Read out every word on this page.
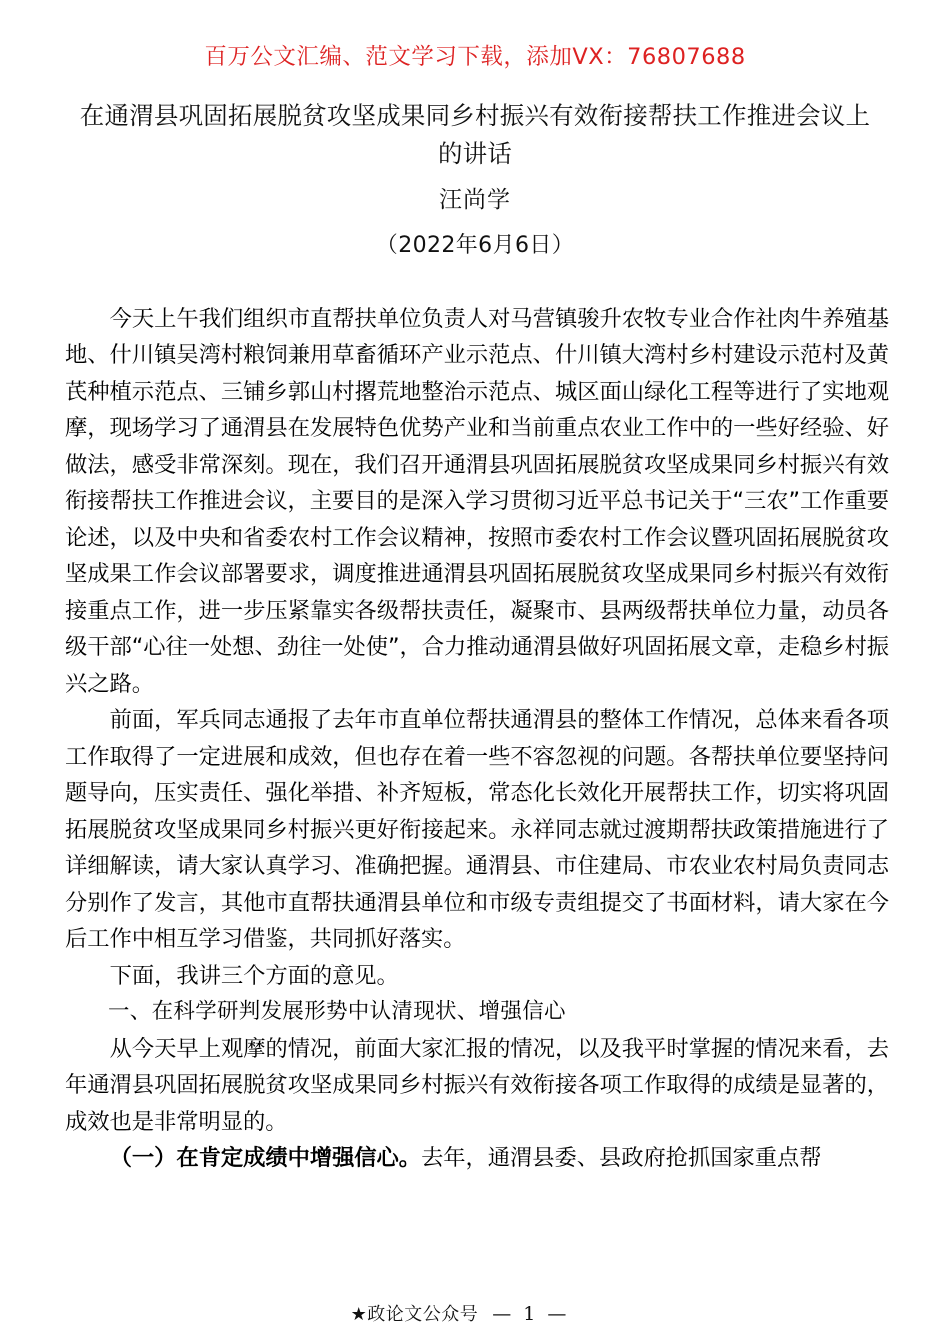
百万公文汇编、范文学习下载，添加VX：76807688
在通渭县巩固拓展脱贫攻坚成果同乡村振兴有效衔接帮扶工作推进会议上的讲话
汪尚学
（2022年6月6日）

今天上午我们组织市直帮扶单位负责人对马营镇骏升农牧专业合作社肉牛养殖基地、什川镇吴湾村粮饲兼用草畜循环产业示范点、什川镇大湾村乡村建设示范村及黄芪种植示范点、三铺乡郭山村撂荒地整治示范点、城区面山绿化工程等进行了实地观摩，现场学习了通渭县在发展特色优势产业和当前重点农业工作中的一些好经验、好做法，感受非常深刻。现在，我们召开通渭县巩固拓展脱贫攻坚成果同乡村振兴有效衔接帮扶工作推进会议，主要目的是深入学习贯彻习近平总书记关于“三农”工作重要论述，以及中央和省委农村工作会议精神，按照市委农村工作会议暨巩固拓展脱贫攻坚成果工作会议部署要求，调度推进通渭县巩固拓展脱贫攻坚成果同乡村振兴有效衔接重点工作，进一步压紧靠实各级帮扶责任，凝聚市、县两级帮扶单位力量，动员各级干部“心往一处想、劲往一处使”，合力推动通渭县做好巩固拓展文章，走稳乡村振兴之路。

前面，军兵同志通报了去年市直单位帮扶通渭县的整体工作情况，总体来看各项工作取得了一定进展和成效，但也存在着一些不容忽视的问题。各帮扶单位要坚持问题导向，压实责任、强化举措、补齐短板，常态化长效化开展帮扶工作，切实将巩固拓展脱贫攻坚成果同乡村振兴更好衔接起来。永祥同志就过渡期帮扶政策措施进行了详细解读，请大家认真学习、准确把握。通渭县、市住建局、市农业农村局负责同志分别作了发言，其他市直帮扶通渭县单位和市级专责组提交了书面材料，请大家在今后工作中相互学习借鉴，共同抓好落实。

下面，我讲三个方面的意见。

一、在科学研判发展形势中认清现状、增强信心

从今天早上观摩的情况，前面大家汇报的情况，以及我平时掌握的情况来看，去年通渭县巩固拓展脱贫攻坚成果同乡村振兴有效衔接各项工作取得的成绩是显著的，成效也是非常明显的。

（一）在肯定成绩中增强信心。去年，通渭县委、县政府抢抓国家重点帮

★政论文公众号 — 1 —
